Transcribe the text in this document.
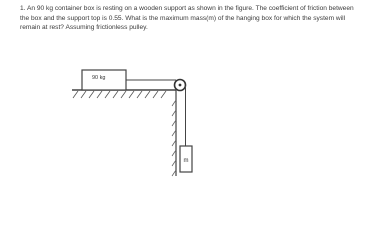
1. An 90 kg container box is resting on a wooden support as shown in the figure. The coefficient of friction between the box and the support top is 0.55. What is the maximum mass(m) of the hanging box for which the system will remain at rest? Assuming frictionless pulley.

90 kg
m
